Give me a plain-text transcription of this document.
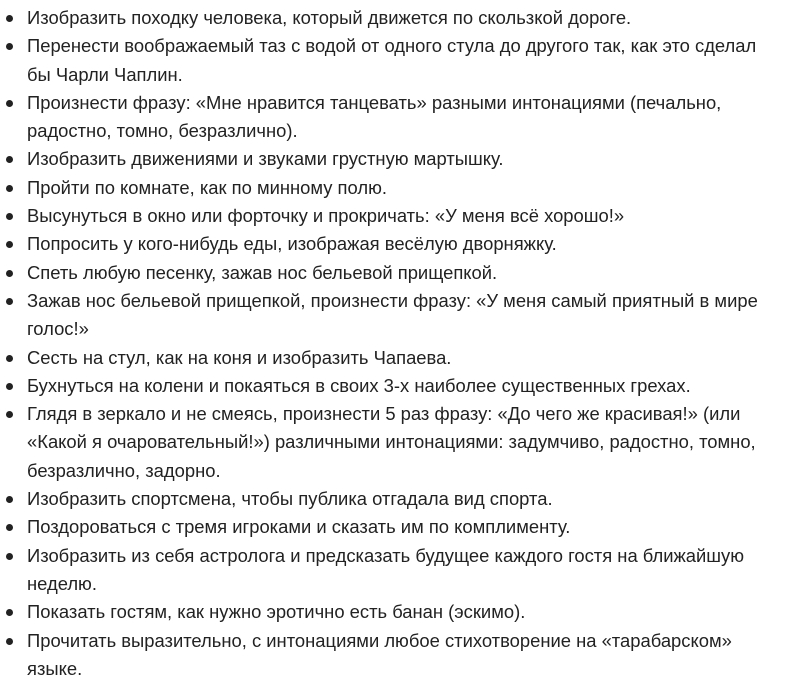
Изобразить походку человека, который движется по скользкой дороге.
Перенести воображаемый таз с водой от одного стула до другого так, как это сделал бы Чарли Чаплин.
Произнести фразу: «Мне нравится танцевать» разными интонациями (печально, радостно, томно, безразлично).
Изобразить движениями и звуками грустную мартышку.
Пройти по комнате, как по минному полю.
Высунуться в окно или форточку и прокричать: «У меня всё хорошо!»
Попросить у кого-нибудь еды, изображая весёлую дворняжку.
Спеть любую песенку, зажав нос бельевой прищепкой.
Зажав нос бельевой прищепкой, произнести фразу: «У меня самый приятный в мире голос!»
Сесть на стул, как на коня и изобразить Чапаева.
Бухнуться на колени и покаяться в своих 3-х наиболее существенных грехах.
Глядя в зеркало и не смеясь, произнести 5 раз фразу: «До чего же красивая!» (или «Какой я очаровательный!») различными интонациями: задумчиво, радостно, томно, безразлично, задорно.
Изобразить спортсмена, чтобы публика отгадала вид спорта.
Поздороваться с тремя игроками и сказать им по комплименту.
Изобразить из себя астролога и предсказать будущее каждого гостя на ближайшую неделю.
Показать гостям, как нужно эротично есть банан (эскимо).
Прочитать выразительно, с интонациями любое стихотворение на «тарабарском» языке.
